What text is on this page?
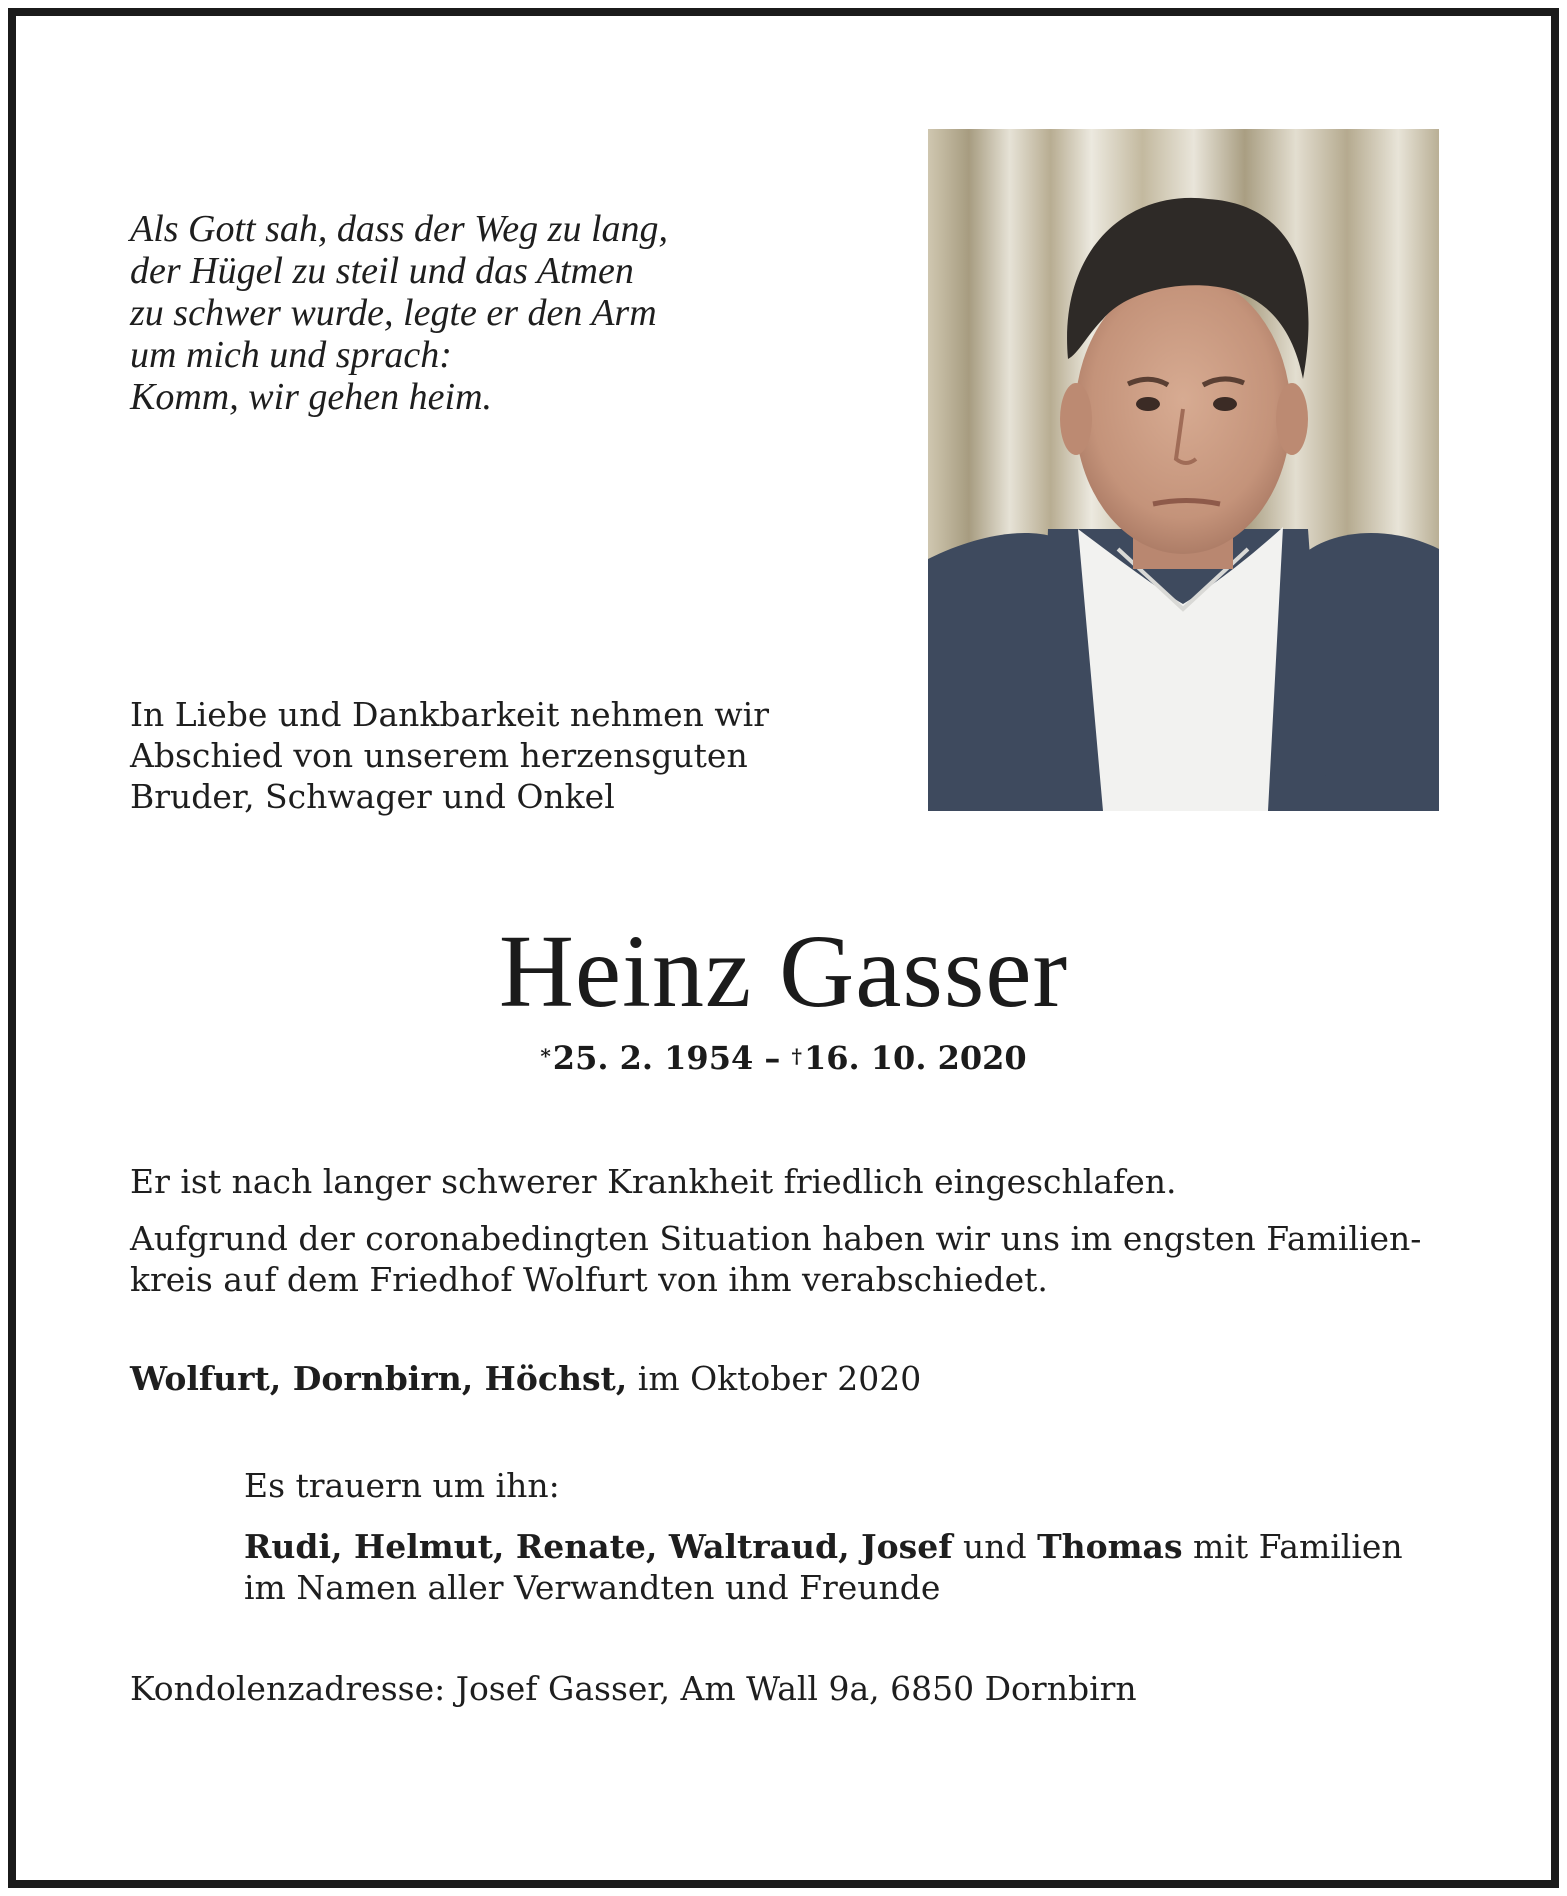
Als Gott sah, dass der Weg zu lang,
der Hügel zu steil und das Atmen
zu schwer wurde, legte er den Arm
um mich und sprach:
Komm, wir gehen heim.
In Liebe und Dankbarkeit nehmen wir
Abschied von unserem herzensguten
Bruder, Schwager und Onkel
Heinz Gasser
*25. 2. 1954 – †16. 10. 2020
Er ist nach langer schwerer Krankheit friedlich eingeschlafen.
Aufgrund der coronabedingten Situation haben wir uns im engsten Familien-
kreis auf dem Friedhof Wolfurt von ihm verabschiedet.
Wolfurt, Dornbirn, Höchst, im Oktober 2020
Es trauern um ihn:
Rudi, Helmut, Renate, Waltraud, Josef und Thomas mit Familien
im Namen aller Verwandten und Freunde
Kondolenzadresse: Josef Gasser, Am Wall 9a, 6850 Dornbirn
